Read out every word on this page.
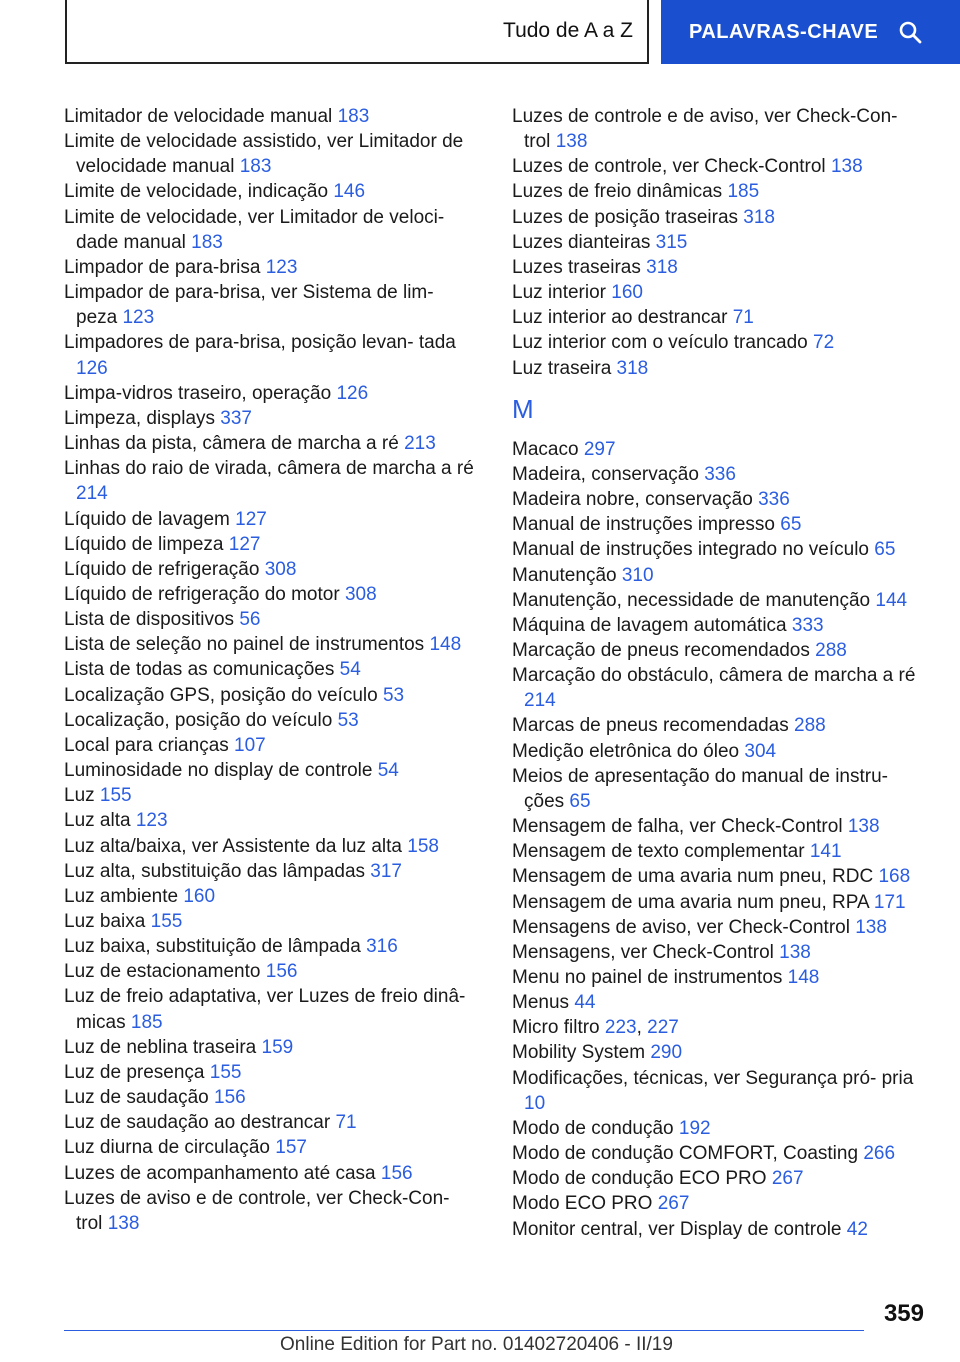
Tudo de A a Z	PALAVRAS-CHAVE
Limitador de velocidade manual 183
Limite de velocidade assistido, ver Limitador de velocidade manual 183
Limite de velocidade, indicação 146
Limite de velocidade, ver Limitador de veloci- dade manual 183
Limpador de para-brisa 123
Limpador de para-brisa, ver Sistema de lim- peza 123
Limpadores de para-brisa, posição levan- tada 126
Limpa-vidros traseiro, operação 126
Limpeza, displays 337
Linhas da pista, câmera de marcha a ré 213
Linhas do raio de virada, câmera de marcha a ré 214
Líquido de lavagem 127
Líquido de limpeza 127
Líquido de refrigeração 308
Líquido de refrigeração do motor 308
Lista de dispositivos 56
Lista de seleção no painel de instrumentos 148
Lista de todas as comunicações 54
Localização GPS, posição do veículo 53
Localização, posição do veículo 53
Local para crianças 107
Luminosidade no display de controle 54
Luz 155
Luz alta 123
Luz alta/baixa, ver Assistente da luz alta 158
Luz alta, substituição das lâmpadas 317
Luz ambiente 160
Luz baixa 155
Luz baixa, substituição de lâmpada 316
Luz de estacionamento 156
Luz de freio adaptativa, ver Luzes de freio dinâ- micas 185
Luz de neblina traseira 159
Luz de presença 155
Luz de saudação 156
Luz de saudação ao destrancar 71
Luz diurna de circulação 157
Luzes de acompanhamento até casa 156
Luzes de aviso e de controle, ver Check-Con- trol 138
Luzes de controle e de aviso, ver Check-Con- trol 138
Luzes de controle, ver Check-Control 138
Luzes de freio dinâmicas 185
Luzes de posição traseiras 318
Luzes dianteiras 315
Luzes traseiras 318
Luz interior 160
Luz interior ao destrancar 71
Luz interior com o veículo trancado 72
Luz traseira 318
M
Macaco 297
Madeira, conservação 336
Madeira nobre, conservação 336
Manual de instruções impresso 65
Manual de instruções integrado no veículo 65
Manutenção 310
Manutenção, necessidade de manutenção 144
Máquina de lavagem automática 333
Marcação de pneus recomendados 288
Marcação do obstáculo, câmera de marcha a ré 214
Marcas de pneus recomendadas 288
Medição eletrônica do óleo 304
Meios de apresentação do manual de instru- ções 65
Mensagem de falha, ver Check-Control 138
Mensagem de texto complementar 141
Mensagem de uma avaria num pneu, RDC 168
Mensagem de uma avaria num pneu, RPA 171
Mensagens de aviso, ver Check-Control 138
Mensagens, ver Check-Control 138
Menu no painel de instrumentos 148
Menus 44
Micro filtro 223, 227
Mobility System 290
Modificações, técnicas, ver Segurança pró- pria 10
Modo de condução 192
Modo de condução COMFORT, Coasting 266
Modo de condução ECO PRO 267
Modo ECO PRO 267
Monitor central, ver Display de controle 42
359
Online Edition for Part no. 01402720406 - II/19
